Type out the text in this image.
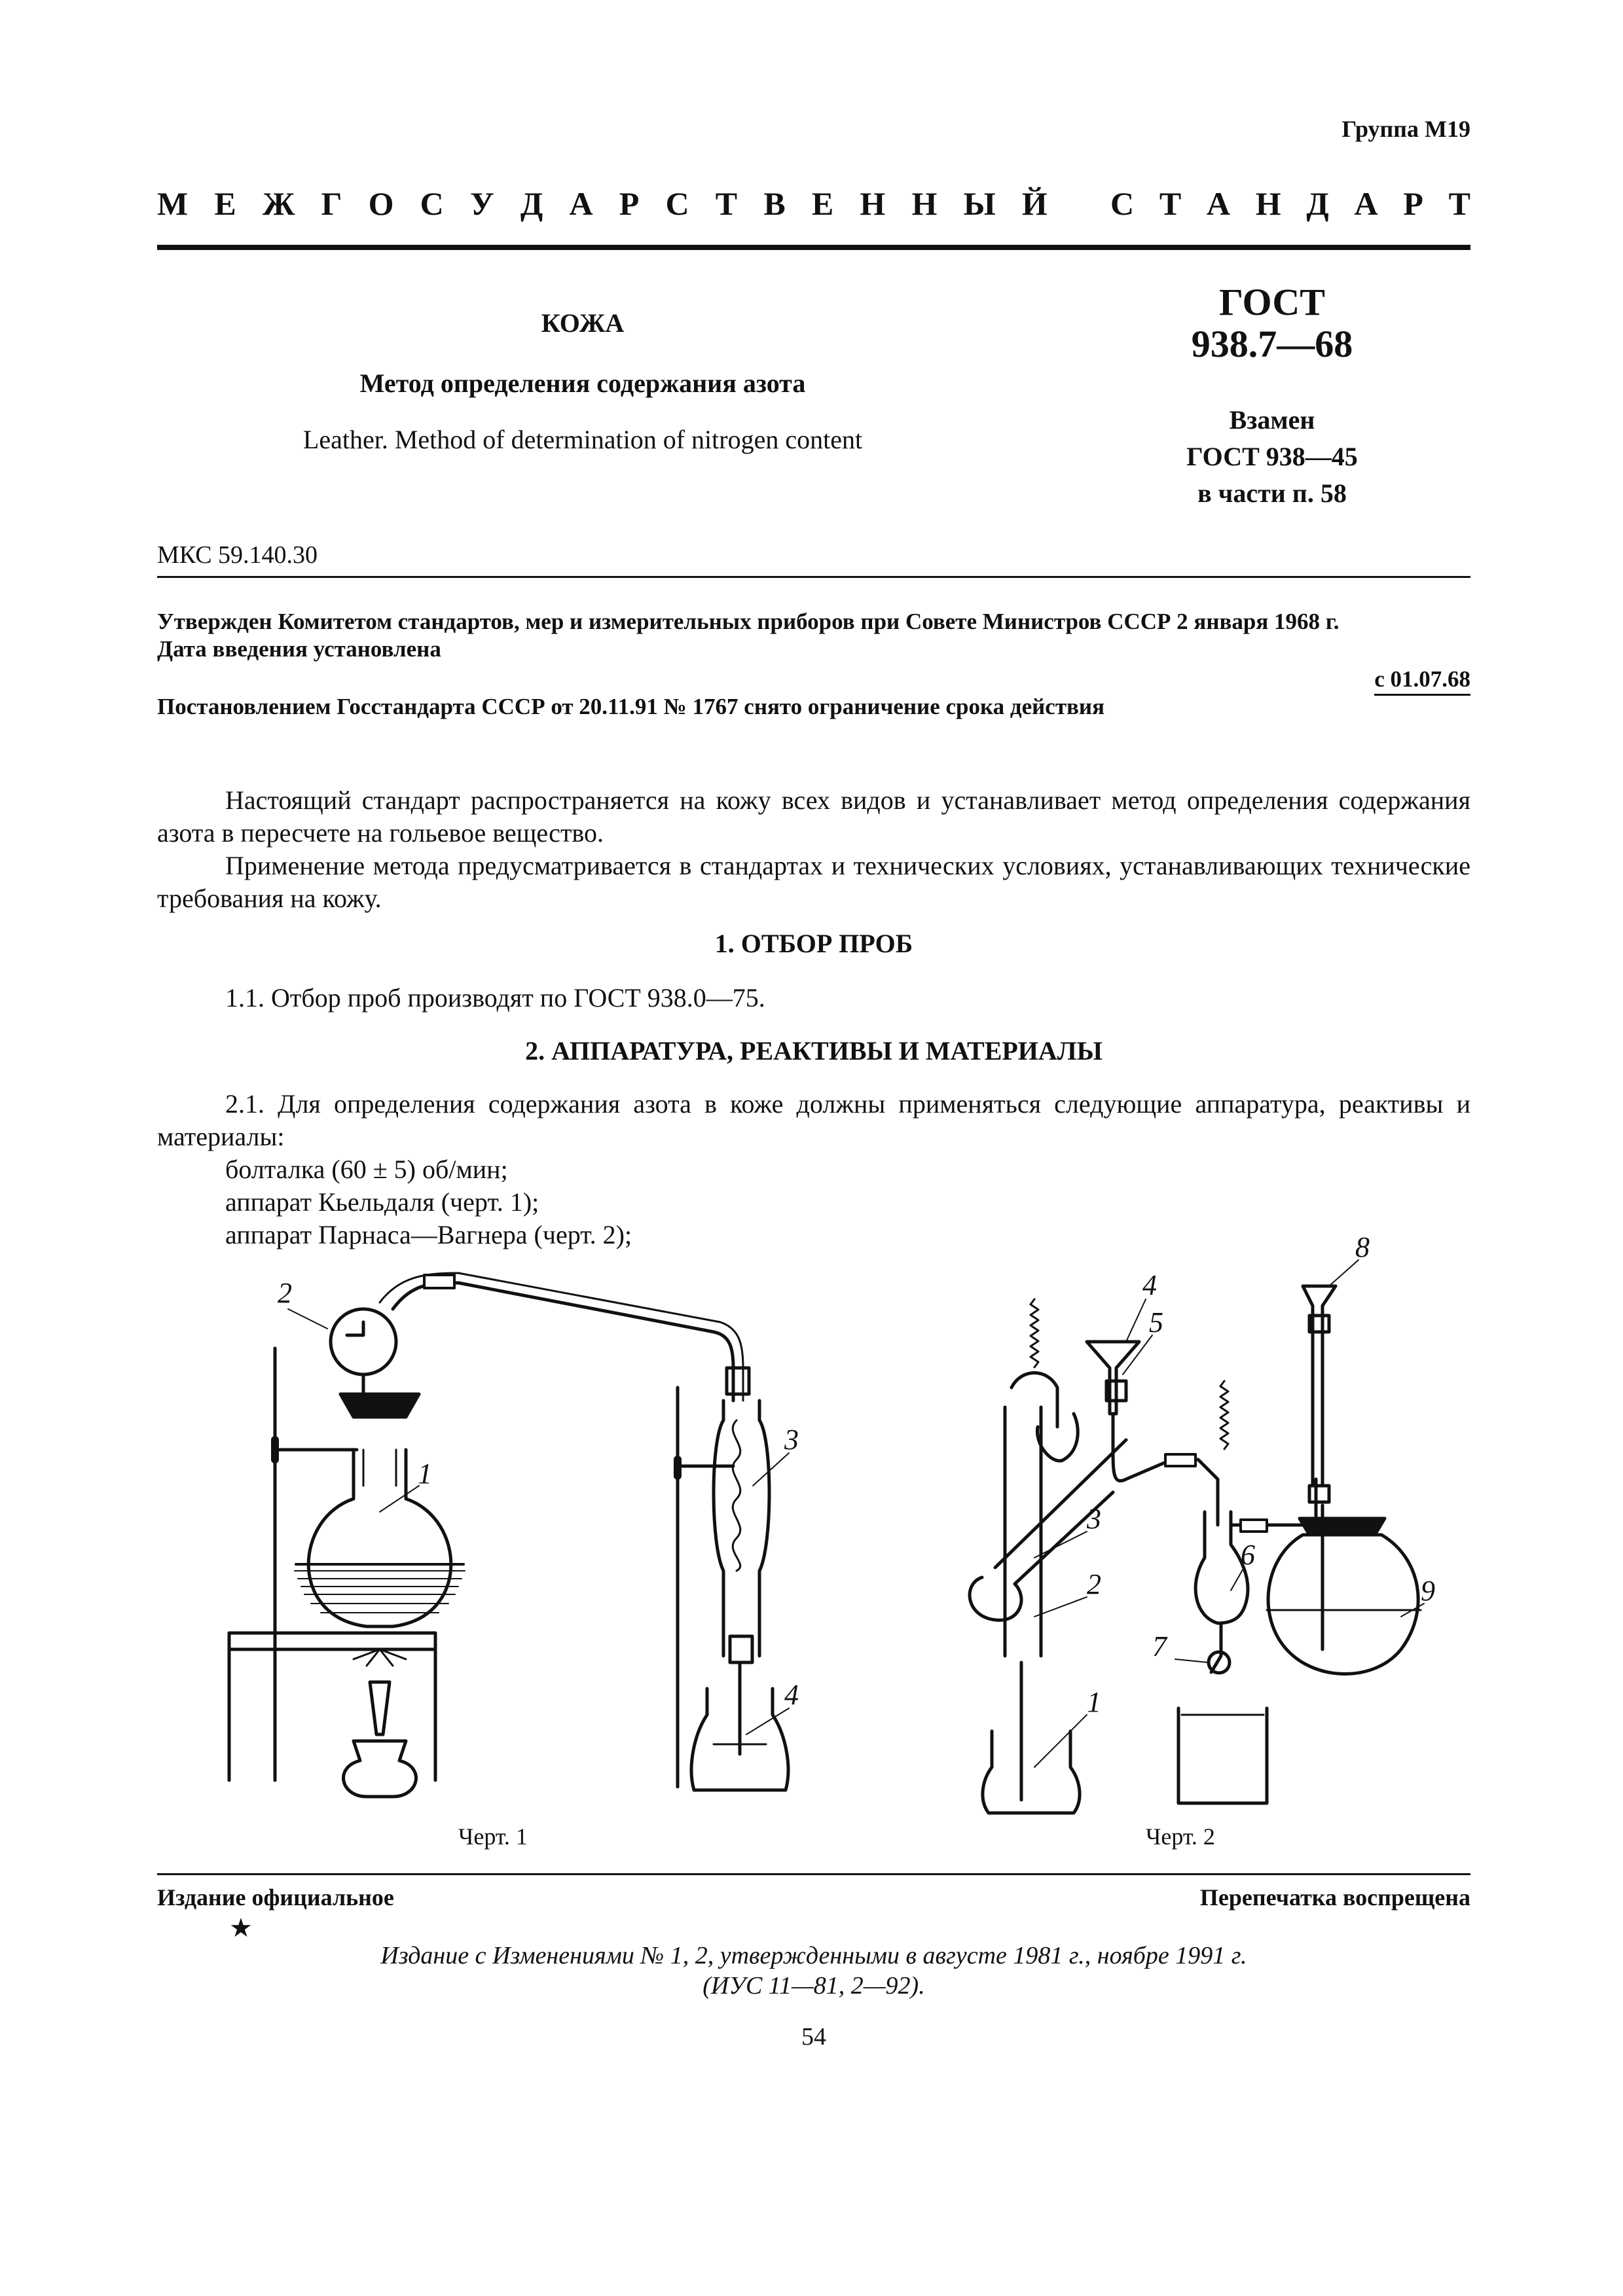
Группа М19
М Е Ж Г О С У Д А Р С Т В Е Н Н Ы Й С Т А Н Д А Р Т
КОЖА
Метод определения содержания азота
Leather. Method of determination of nitrogen content
ГОСТ
938.7—68
Взамен
ГОСТ 938—45
в части п. 58
МКС 59.140.30
Утвержден Комитетом стандартов, мер и измерительных приборов при Совете Министров СССР 2 января 1968 г.
Дата введения установлена
с 01.07.68
Постановлением Госстандарта СССР от 20.11.91 № 1767 снято ограничение срока действия
Настоящий стандарт распространяется на кожу всех видов и устанавливает метод определения содержания азота в пересчете на гольевое вещество.
Применение метода предусматривается в стандартах и технических условиях, устанавливающих технические требования на кожу.
1. ОТБОР ПРОБ
1.1. Отбор проб производят по ГОСТ 938.0—75.
2. АППАРАТУРА, РЕАКТИВЫ И МАТЕРИАЛЫ
2.1. Для определения содержания азота в коже должны применяться следующие аппаратура, реактивы и материалы:
болталка (60 ± 5) об/мин;
аппарат Кьельдаля (черт. 1);
аппарат Парнаса—Вагнера (черт. 2);
2
1
3
4
4
5
3
2
1
6
7
8
9
Черт. 1	Черт. 2
Издание официальное	Перепечатка воспрещена
★
Издание с Изменениями № 1, 2, утвержденными в августе 1981 г., ноябре 1991 г.
(ИУС 11—81, 2—92).
54
